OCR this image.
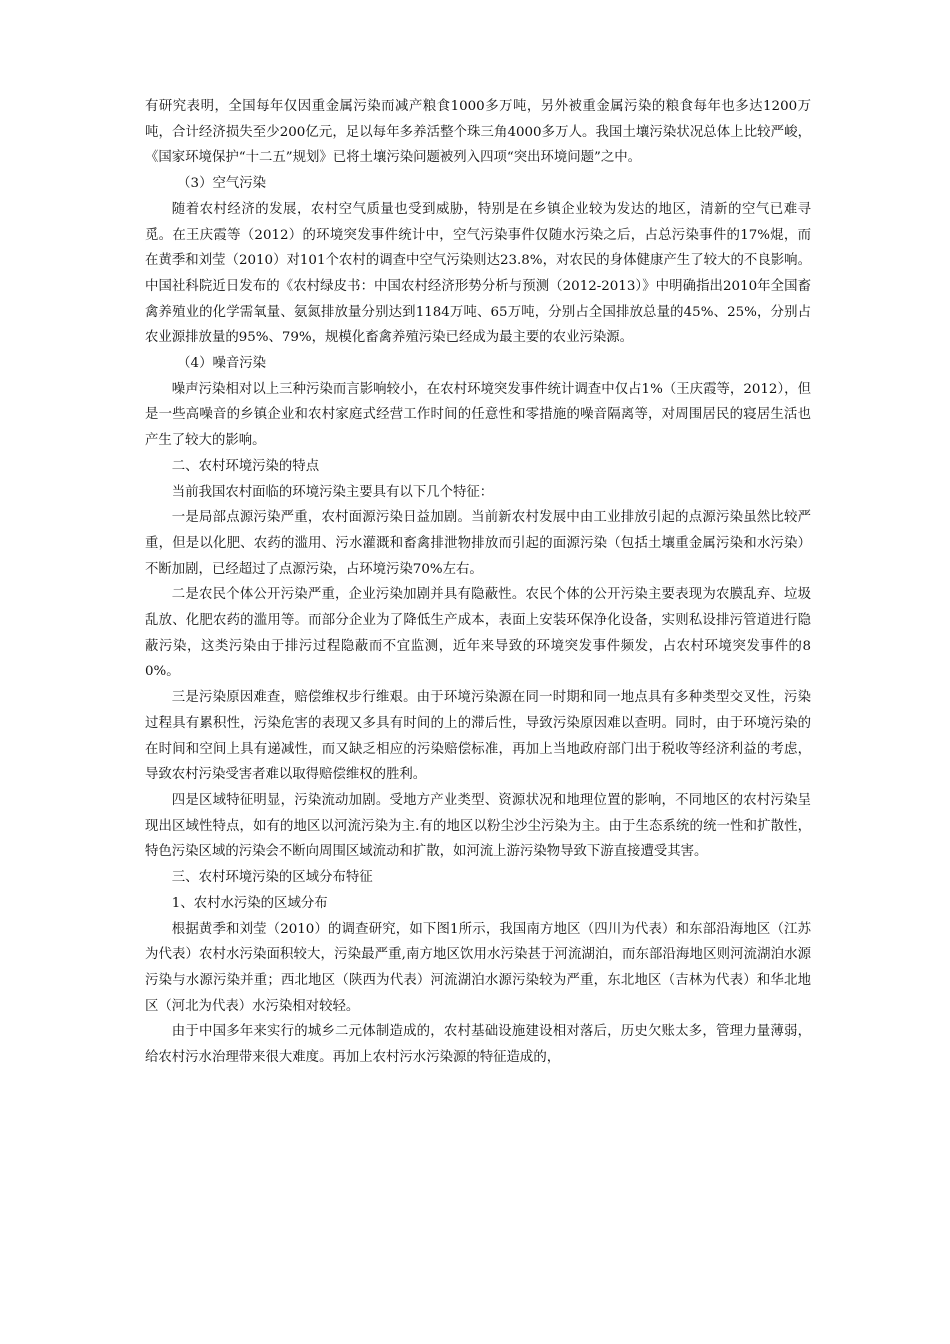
有研究表明，全国每年仅因重金属污染而减产粮食1000多万吨，另外被重金属污染的粮食每年也多达1200万吨，合计经济损失至少200亿元，足以每年多养活整个珠三角4000多万人。我国土壤污染状况总体上比较严峻，《国家环境保护“十二五”规划》已将土壤污染问题被列入四项“突出环境问题”之中。

（3）空气污染

随着农村经济的发展，农村空气质量也受到威胁，特别是在乡镇企业较为发达的地区，清新的空气已难寻觅。在王庆霞等（2012）的环境突发事件统计中，空气污染事件仅随水污染之后，占总污染事件的17%焜，而在黄季和刘莹（2010）对101个农村的调查中空气污染则达23.8%，对农民的身体健康产生了较大的不良影响。中国社科院近日发布的《农村绿皮书：中国农村经济形势分析与预测（2012-2013）》中明确指出2010年全国畜禽养殖业的化学需氧量、氨氮排放量分别达到1184万吨、65万吨，分别占全国排放总量的45%、25%，分别占农业源排放量的95%、79%，规模化畜禽养殖污染已经成为最主要的农业污染源。

（4）噪音污染

噪声污染相对以上三种污染而言影响较小，在农村环境突发事件统计调查中仅占1%（王庆霞等，2012），但是一些高噪音的乡镇企业和农村家庭式经营工作时间的任意性和零措施的噪音隔离等，对周围居民的寝居生活也产生了较大的影响。

二、农村环境污染的特点

当前我国农村面临的环境污染主要具有以下几个特征：

一是局部点源污染严重，农村面源污染日益加剧。当前新农村发展中由工业排放引起的点源污染虽然比较严重，但是以化肥、农药的滥用、污水灌溉和畜禽排泄物排放而引起的面源污染（包括土壤重金属污染和水污染）不断加剧，已经超过了点源污染，占环境污染70%左右。

二是农民个体公开污染严重，企业污染加剧并具有隐蔽性。农民个体的公开污染主要表现为农膜乱弃、垃圾乱放、化肥农药的滥用等。而部分企业为了降低生产成本，表面上安装环保净化设备，实则私设排污管道进行隐蔽污染，这类污染由于排污过程隐蔽而不宜监测，近年来导致的环境突发事件频发，占农村环境突发事件的80%。

三是污染原因难查，赔偿维权步行维艰。由于环境污染源在同一时期和同一地点具有多种类型交叉性，污染过程具有累积性，污染危害的表现又多具有时间的上的滞后性，导致污染原因难以查明。同时，由于环境污染的在时间和空间上具有递减性，而又缺乏相应的污染赔偿标准，再加上当地政府部门出于税收等经济利益的考虑，导致农村污染受害者难以取得赔偿维权的胜利。

四是区域特征明显，污染流动加剧。受地方产业类型、资源状况和地理位置的影响，不同地区的农村污染呈现出区域性特点，如有的地区以河流污染为主.有的地区以粉尘沙尘污染为主。由于生态系统的统一性和扩散性，特色污染区域的污染会不断向周围区域流动和扩散，如河流上游污染物导致下游直接遭受其害。

三、农村环境污染的区域分布特征

1、农村水污染的区域分布

根据黄季和刘莹（2010）的调查研究，如下图1所示，我国南方地区（四川为代表）和东部沿海地区（江苏为代表）农村水污染面积较大，污染最严重,南方地区饮用水污染甚于河流湖泊，而东部沿海地区则河流湖泊水源污染与水源污染并重；西北地区（陕西为代表）河流湖泊水源污染较为严重，东北地区（吉林为代表）和华北地区（河北为代表）水污染相对较轻。

由于中国多年来实行的城乡二元体制造成的，农村基础设施建设相对落后，历史欠账太多，管理力量薄弱，给农村污水治理带来很大难度。再加上农村污水污染源的特征造成的，
